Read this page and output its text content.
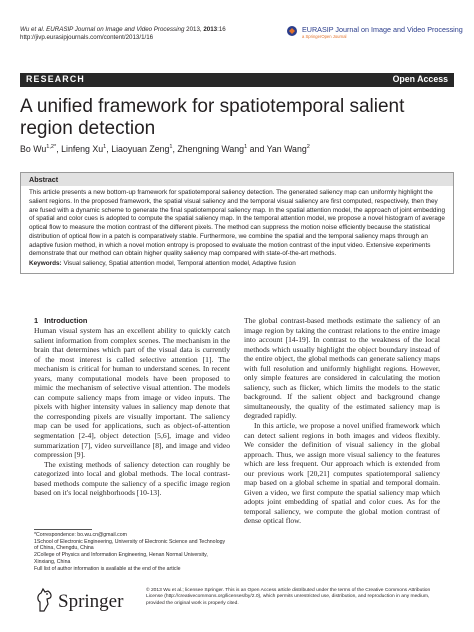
Wu et al. EURASIP Journal on Image and Video Processing 2013, 2013:16
http://jivp.eurasipjournals.com/content/2013/1/16
EURASIP Journal on Image and Video Processing
a SpringerOpen Journal
RESEARCH	Open Access
A unified framework for spatiotemporal salient region detection
Bo $Wu^{1,2*}$, Linfeng Xu$^1$, Liaoyuan Zeng$^1$, Zhengning Wang$^1$ and Yan Wang$^2$
Abstract
This article presents a new bottom-up framework for spatiotemporal saliency detection. The generated saliency map can uniformly highlight the salient regions. In the proposed framework, the spatial visual saliency and the temporal visual saliency are first computed, respectively, then they are fused with a dynamic scheme to generate the final spatiotemporal saliency map. In the spatial attention model, the approach of joint embedding of spatial and color cues is adopted to compute the spatial saliency map. In the temporal attention model, we propose a novel histogram of average optical flow to measure the motion contrast of the different pixels. The method can suppress the motion noise efficiently because the statistical distribution of optical flow in a patch is comparatively stable. Furthermore, we combine the spatial and the temporal saliency maps through an adaptive fusion method, in which a novel motion entropy is proposed to evaluate the motion contrast of the input video. Extensive experiments demonstrate that our method can obtain higher quality saliency map compared with state-of-the-art methods.
Keywords: Visual saliency, Spatial attention model, Temporal attention model, Adaptive fusion
1 Introduction

Human visual system has an excellent ability to quickly catch salient information from complex scenes. The mechanism in the brain that determines which part of the visual data is currently of the most interest is called selective attention [1]. The mechanism is critical for human to understand scenes. In recent years, many computational models have been proposed to mimic the mechanism of selective visual attention. The models can compute saliency maps from image or video inputs. The pixels with higher intensity values in saliency map denote that the corresponding pixels are visually important. The saliency map can be used for applications, such as object-of-attention segmentation [2-4], object detection [5,6], image and video summarization [7], video surveillance [8], and image and video compression [9].

The existing methods of saliency detection can roughly be categorized into local and global methods. The local contrast-based methods compute the saliency of a specific image region based on it's local neighborhoods [10-13].

The global contrast-based methods estimate the saliency of an image region by taking the contrast relations to the entire image into account [14-19]. In contrast to the weakness of the local methods which usually highlight the object boundary instead of the entire object, the global methods can generate saliency maps with full resolution and uniformly highlight regions. However, only simple features are considered in calculating the motion saliency, such as flicker, which limits the models to the static background. If the salient object and background change simultaneously, the quality of the estimated saliency map is degraded rapidly.

In this article, we propose a novel unified framework which can detect salient regions in both images and videos flexibly. We consider the definition of visual saliency in the global approach. Thus, we assign more visual saliency to the features which are less frequent. Our approach which is extended from our previous work [20,21] computes spatiotemporal saliency map based on a global scheme in spatial and temporal domain. Given a video, we first compute the spatial saliency map which adopts joint embedding of spatial and color cues. As for the temporal saliency, we compute the global motion contrast of dense optical flow.

*Correspondence: bo.wu.cn@gmail.com

1School of Electronic Engineering, University of Electronic Science and Technology of China, Chengdu, China

2College of Physics and Information Engineering, Henan Normal University, Xinxiang, China

Full list of author information is available at the end of the article

Springer
© 2013 Wu et al.; licensee Springer. This is an Open Access article distributed under the terms of the Creative Commons Attribution License (http://creativecommons.org/licenses/by/2.0), which permits unrestricted use, distribution, and reproduction in any medium, provided the original work is properly cited.
